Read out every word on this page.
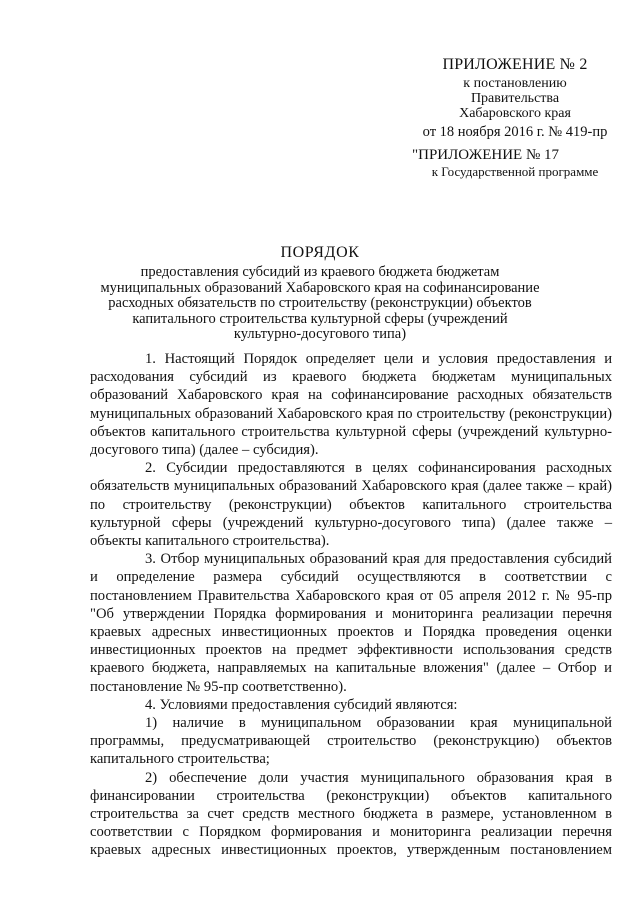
ПРИЛОЖЕНИЕ № 2
к постановлению
Правительства
Хабаровского края
от 18 ноября 2016 г. № 419-пр
"ПРИЛОЖЕНИЕ № 17
к Государственной программе
ПОРЯДОК
предоставления субсидий из краевого бюджета бюджетам муниципальных образований Хабаровского края на софинансирование расходных обязательств по строительству (реконструкции) объектов капитального строительства культурной сферы (учреждений культурно-досугового типа)

1. Настоящий Порядок определяет цели и условия предоставления и расходования субсидий из краевого бюджета бюджетам муниципальных образований Хабаровского края на софинансирование расходных обязательств муниципальных образований Хабаровского края по строительству (реконструкции) объектов капитального строительства культурной сферы (учреждений культурно-досугового типа) (далее – субсидия).

2. Субсидии предоставляются в целях софинансирования расходных обязательств муниципальных образований Хабаровского края (далее также – край) по строительству (реконструкции) объектов капитального строительства культурной сферы (учреждений культурно-досугового типа) (далее также – объекты капитального строительства).

3. Отбор муниципальных образований края для предоставления субсидий и определение размера субсидий осуществляются в соответствии с постановлением Правительства Хабаровского края от 05 апреля 2012 г. № 95-пр "Об утверждении Порядка формирования и мониторинга реализации перечня краевых адресных инвестиционных проектов и Порядка проведения оценки инвестиционных проектов на предмет эффективности использования средств краевого бюджета, направляемых на капитальные вложения" (далее – Отбор и постановление № 95-пр соответственно).

4. Условиями предоставления субсидий являются:

1) наличие в муниципальном образовании края муниципальной программы, предусматривающей строительство (реконструкцию) объектов капитального строительства;

2) обеспечение доли участия муниципального образования края в финансировании строительства (реконструкции) объектов капитального строительства за счет средств местного бюджета в размере, установленном в соответствии с Порядком формирования и мониторинга реализации перечня краевых адресных инвестиционных проектов, утвержденным постановлением
